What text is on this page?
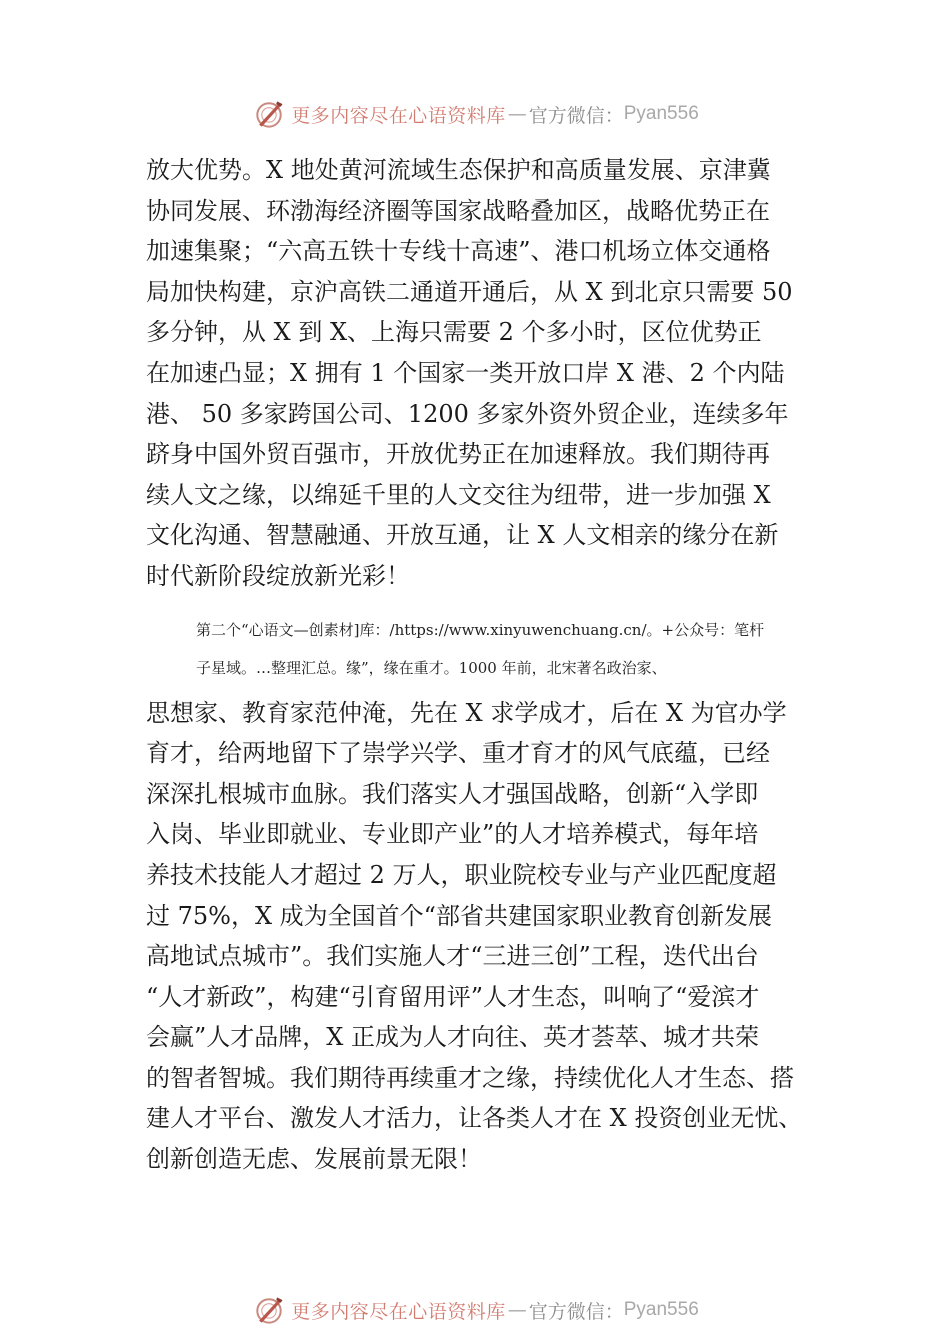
更多内容尽在心语资料库 — 官方微信： Pyan556

放大优势。X 地处黄河流域生态保护和高质量发展、京津冀

协同发展、环渤海经济圈等国家战略叠加区，战略优势正在

加速集聚；“六高五铁十专线十高速”、港口机场立体交通格

局加快构建，京沪高铁二通道开通后，从 X 到北京只需要 50

多分钟，从 X 到 X、上海只需要 2 个多小时，区位优势正

在加速凸显；X 拥有 1 个国家一类开放口岸 X 港、2 个内陆

港、 50 多家跨国公司、1200 多家外资外贸企业，连续多年

跻身中国外贸百强市，开放优势正在加速释放。我们期待再

续人文之缘，以绵延千里的人文交往为纽带，进一步加强 X

文化沟通、智慧融通、开放互通，让 X 人文相亲的缘分在新

时代新阶段绽放新光彩！

第二个“心语文—创素材]库：/https://www.xinyuwenchuang.cn/。+公众号：笔杆

子星域。…整理汇总。缘”，缘在重才。1000 年前，北宋著名政治家、

思想家、教育家范仲淹，先在 X 求学成才，后在 X 为官办学

育才，给两地留下了崇学兴学、重才育才的风气底蕴，已经

深深扎根城市血脉。我们落实人才强国战略，创新“入学即

入岗、毕业即就业、专业即产业”的人才培养模式，每年培

养技术技能人才超过 2 万人，职业院校专业与产业匹配度超

过 75%，X 成为全国首个“部省共建国家职业教育创新发展

高地试点城市”。我们实施人才“三进三创”工程，迭代出台

“人才新政”，构建“引育留用评”人才生态，叫响了“爱滨才

会赢”人才品牌，X 正成为人才向往、英才荟萃、城才共荣

的智者智城。我们期待再续重才之缘，持续优化人才生态、搭

建人才平台、激发人才活力，让各类人才在 X 投资创业无忧、

创新创造无虑、发展前景无限！

更多内容尽在心语资料库 — 官方微信： Pyan556
